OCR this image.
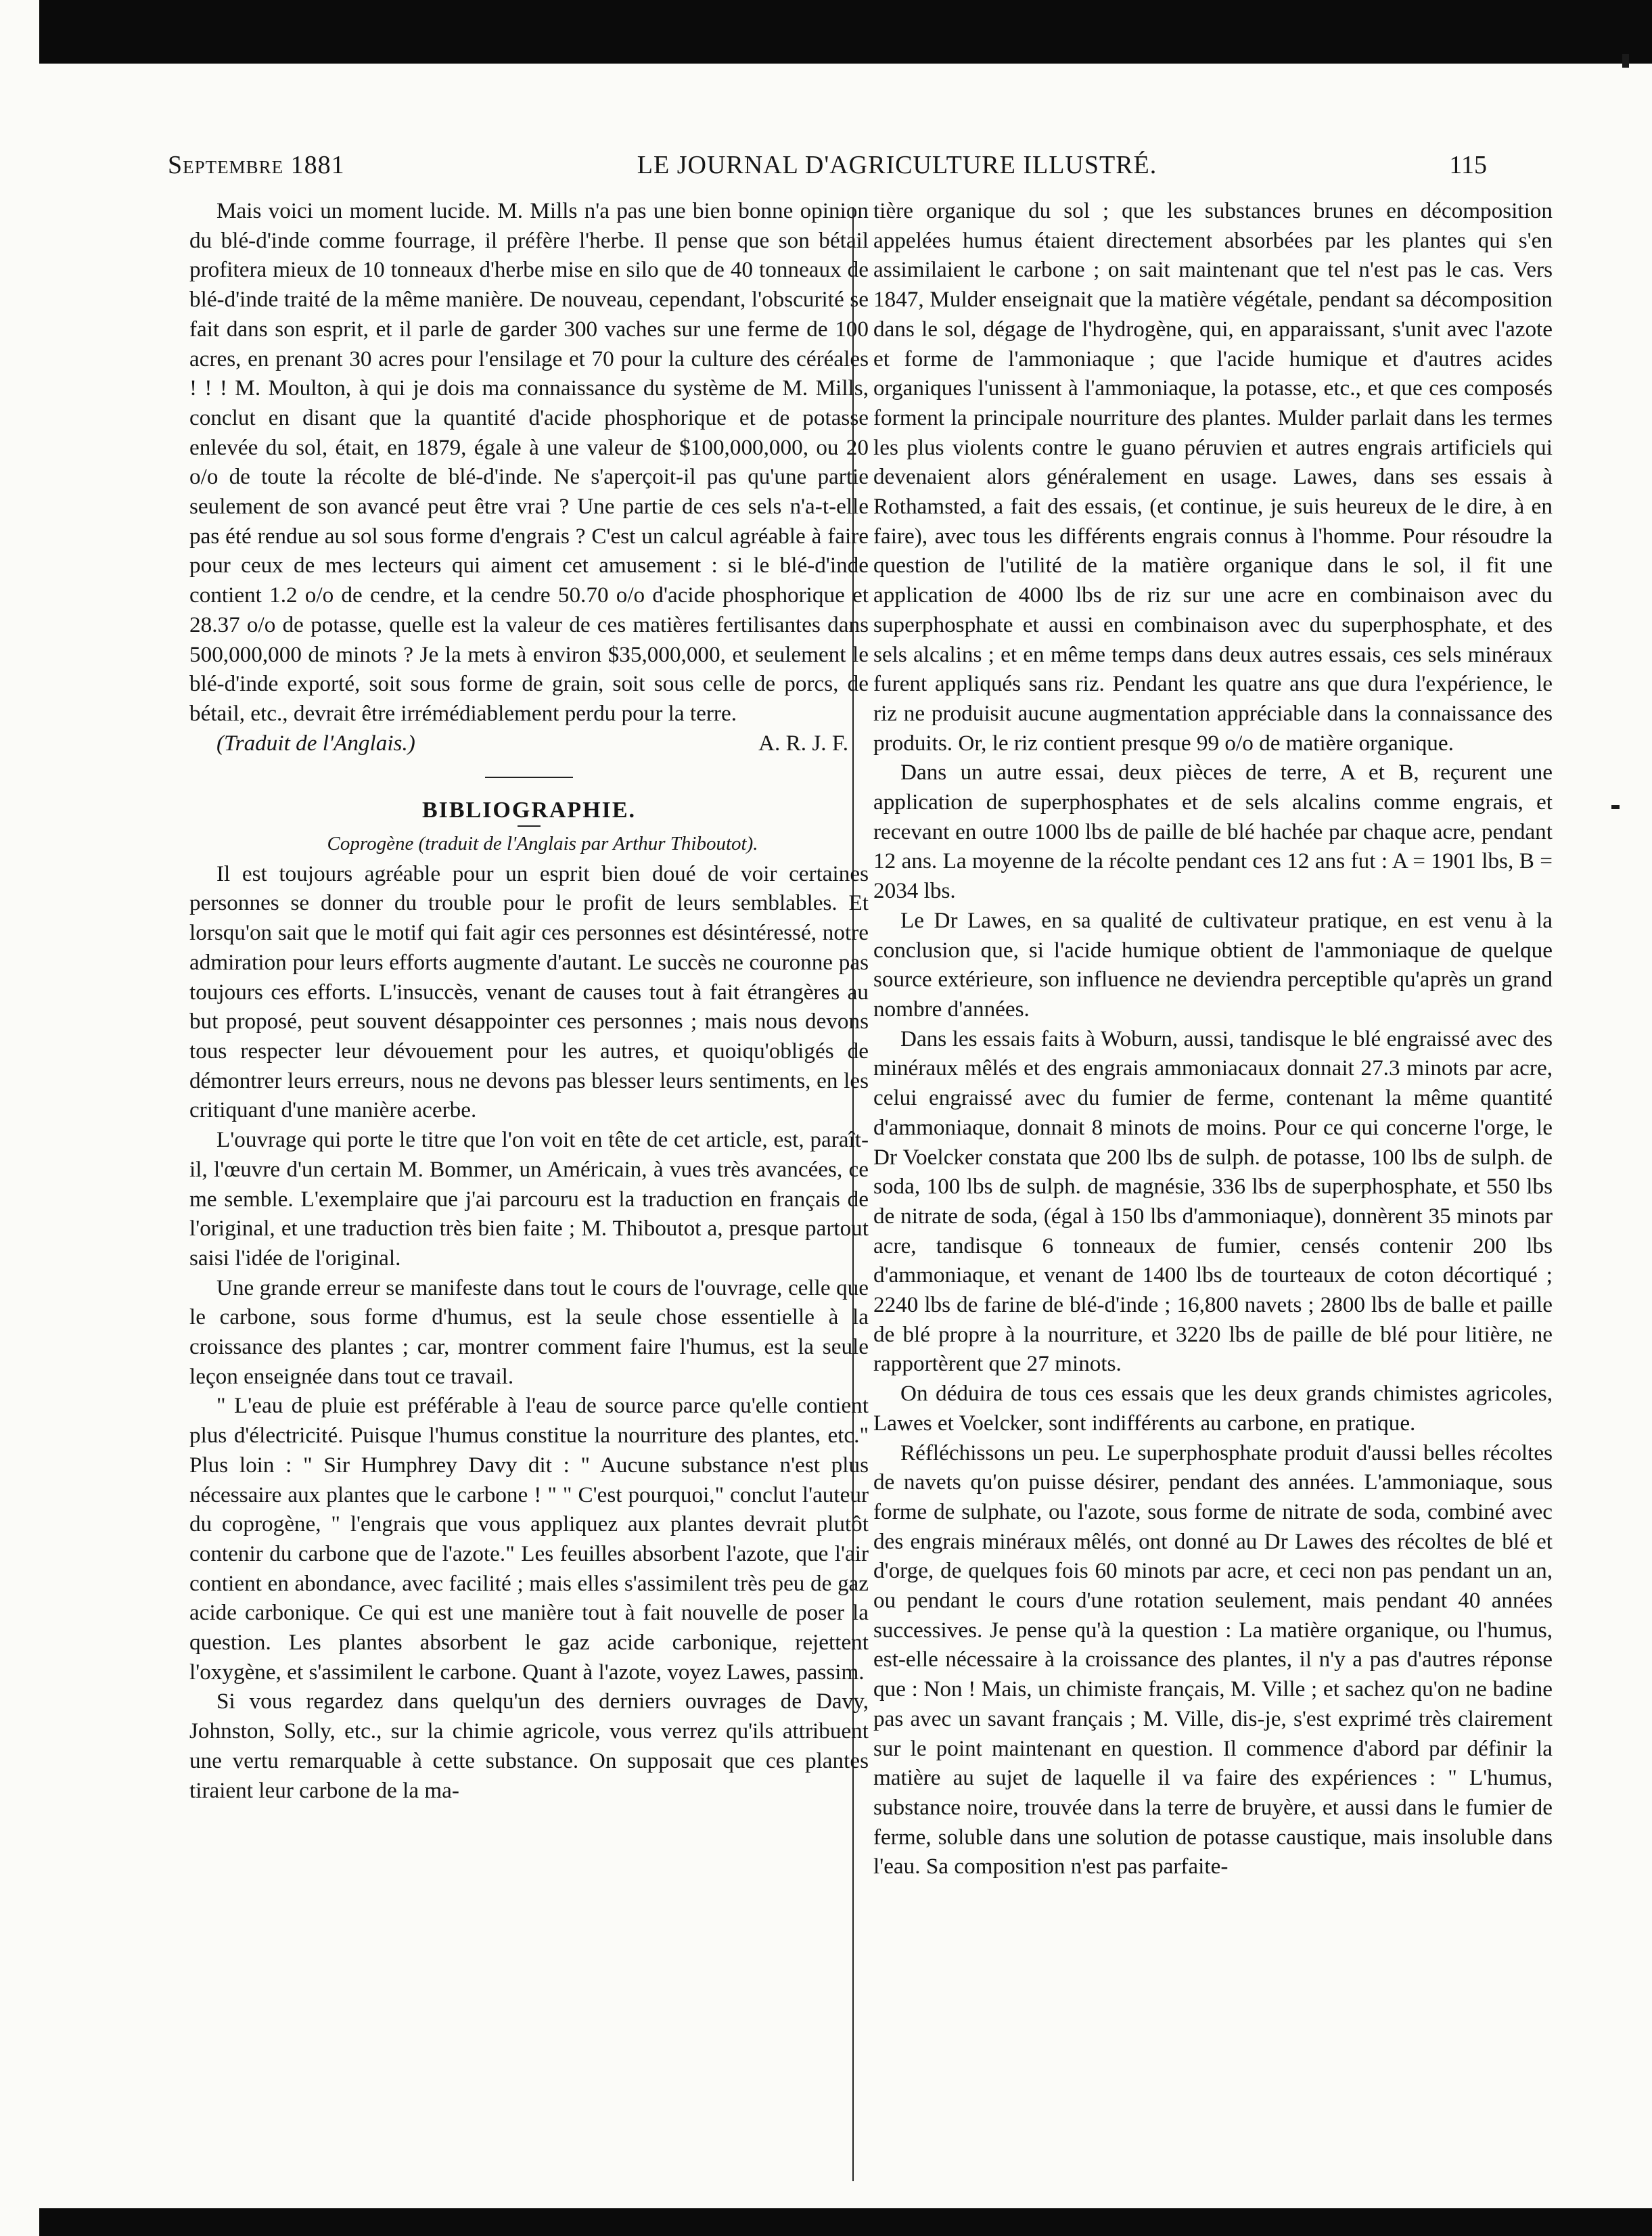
Septembre 1881	LE JOURNAL D'AGRICULTURE ILLUSTRÉ.	115

Mais voici un moment lucide. M. Mills n'a pas une bien bonne opinion du blé-d'inde comme fourrage, il préfère l'herbe. Il pense que son bétail profitera mieux de 10 tonneaux d'herbe mise en silo que de 40 tonneaux de blé-d'inde traité de la même manière. De nouveau, cependant, l'obscurité se fait dans son esprit, et il parle de garder 300 vaches sur une ferme de 100 acres, en prenant 30 acres pour l'ensilage et 70 pour la culture des céréales ! ! ! M. Moulton, à qui je dois ma connaissance du système de M. Mills, conclut en disant que la quantité d'acide phosphorique et de potasse enlevée du sol, était, en 1879, égale à une valeur de $100,000,000, ou 20 o/o de toute la récolte de blé-d'inde. Ne s'aperçoit-il pas qu'une partie seulement de son avancé peut être vrai ? Une partie de ces sels n'a-t-elle pas été rendue au sol sous forme d'engrais ? C'est un calcul agréable à faire pour ceux de mes lecteurs qui aiment cet amusement : si le blé-d'inde contient 1.2 o/o de cendre, et la cendre 50.70 o/o d'acide phosphorique et 28.37 o/o de potasse, quelle est la valeur de ces matières fertilisantes dans 500,000,000 de minots ? Je la mets à environ $35,000,000, et seulement le blé-d'inde exporté, soit sous forme de grain, soit sous celle de porcs, de bétail, etc., devrait être irrémédiablement perdu pour la terre.

(Traduit de l'Anglais.)	A. R. J. F.

BIBLIOGRAPHIE.

Coprogène (traduit de l'Anglais par Arthur Thiboutot).

Il est toujours agréable pour un esprit bien doué de voir certaines personnes se donner du trouble pour le profit de leurs semblables. Et lorsqu'on sait que le motif qui fait agir ces personnes est désintéressé, notre admiration pour leurs efforts augmente d'autant. Le succès ne couronne pas toujours ces efforts. L'insuccès, venant de causes tout à fait étrangères au but proposé, peut souvent désappointer ces personnes ; mais nous devons tous respecter leur dévouement pour les autres, et quoiqu'obligés de démontrer leurs erreurs, nous ne devons pas blesser leurs sentiments, en les critiquant d'une manière acerbe.

L'ouvrage qui porte le titre que l'on voit en tête de cet article, est, paraît-il, l'œuvre d'un certain M. Bommer, un Américain, à vues très avancées, ce me semble. L'exemplaire que j'ai parcouru est la traduction en français de l'original, et une traduction très bien faite ; M. Thiboutot a, presque partout saisi l'idée de l'original.

Une grande erreur se manifeste dans tout le cours de l'ouvrage, celle que le carbone, sous forme d'humus, est la seule chose essentielle à la croissance des plantes ; car, montrer comment faire l'humus, est la seule leçon enseignée dans tout ce travail.

" L'eau de pluie est préférable à l'eau de source parce qu'elle contient plus d'électricité. Puisque l'humus constitue la nourriture des plantes, etc." Plus loin : " Sir Humphrey Davy dit : " Aucune substance n'est plus nécessaire aux plantes que le carbone ! " " C'est pourquoi," conclut l'auteur du coprogène, " l'engrais que vous appliquez aux plantes devrait plutôt contenir du carbone que de l'azote." Les feuilles absorbent l'azote, que l'air contient en abondance, avec facilité ; mais elles s'assimilent très peu de gaz acide carbonique. Ce qui est une manière tout à fait nouvelle de poser la question. Les plantes absorbent le gaz acide carbonique, rejettent l'oxygène, et s'assimilent le carbone. Quant à l'azote, voyez Lawes, passim.

Si vous regardez dans quelqu'un des derniers ouvrages de Davy, Johnston, Solly, etc., sur la chimie agricole, vous verrez qu'ils attribuent une vertu remarquable à cette substance. On supposait que ces plantes tiraient leur carbone de la ma-

tière organique du sol ; que les substances brunes en décomposition appelées humus étaient directement absorbées par les plantes qui s'en assimilaient le carbone ; on sait maintenant que tel n'est pas le cas. Vers 1847, Mulder enseignait que la matière végétale, pendant sa décomposition dans le sol, dégage de l'hydrogène, qui, en apparaissant, s'unit avec l'azote et forme de l'ammoniaque ; que l'acide humique et d'autres acides organiques l'unissent à l'ammoniaque, la potasse, etc., et que ces composés forment la principale nourriture des plantes. Mulder parlait dans les termes les plus violents contre le guano péruvien et autres engrais artificiels qui devenaient alors généralement en usage. Lawes, dans ses essais à Rothamsted, a fait des essais, (et continue, je suis heureux de le dire, à en faire), avec tous les différents engrais connus à l'homme. Pour résoudre la question de l'utilité de la matière organique dans le sol, il fit une application de 4000 lbs de riz sur une acre en combinaison avec du superphosphate et aussi en combinaison avec du superphosphate, et des sels alcalins ; et en même temps dans deux autres essais, ces sels minéraux furent appliqués sans riz. Pendant les quatre ans que dura l'expérience, le riz ne produisit aucune augmentation appréciable dans la connaissance des produits. Or, le riz contient presque 99 o/o de matière organique.

Dans un autre essai, deux pièces de terre, A et B, reçurent une application de superphosphates et de sels alcalins comme engrais, et recevant en outre 1000 lbs de paille de blé hachée par chaque acre, pendant 12 ans. La moyenne de la récolte pendant ces 12 ans fut : A = 1901 lbs, B = 2034 lbs.

Le Dr Lawes, en sa qualité de cultivateur pratique, en est venu à la conclusion que, si l'acide humique obtient de l'ammoniaque de quelque source extérieure, son influence ne deviendra perceptible qu'après un grand nombre d'années.

Dans les essais faits à Woburn, aussi, tandisque le blé engraissé avec des minéraux mêlés et des engrais ammoniacaux donnait 27.3 minots par acre, celui engraissé avec du fumier de ferme, contenant la même quantité d'ammoniaque, donnait 8 minots de moins. Pour ce qui concerne l'orge, le Dr Voelcker constata que 200 lbs de sulph. de potasse, 100 lbs de sulph. de soda, 100 lbs de sulph. de magnésie, 336 lbs de superphosphate, et 550 lbs de nitrate de soda, (égal à 150 lbs d'ammoniaque), donnèrent 35 minots par acre, tandisque 6 tonneaux de fumier, censés contenir 200 lbs d'ammoniaque, et venant de 1400 lbs de tourteaux de coton décortiqué ; 2240 lbs de farine de blé-d'inde ; 16,800 navets ; 2800 lbs de balle et paille de blé propre à la nourriture, et 3220 lbs de paille de blé pour litière, ne rapportèrent que 27 minots.

On déduira de tous ces essais que les deux grands chimistes agricoles, Lawes et Voelcker, sont indifférents au carbone, en pratique.

Réfléchissons un peu. Le superphosphate produit d'aussi belles récoltes de navets qu'on puisse désirer, pendant des années. L'ammoniaque, sous forme de sulphate, ou l'azote, sous forme de nitrate de soda, combiné avec des engrais minéraux mêlés, ont donné au Dr Lawes des récoltes de blé et d'orge, de quelques fois 60 minots par acre, et ceci non pas pendant un an, ou pendant le cours d'une rotation seulement, mais pendant 40 années successives. Je pense qu'à la question : La matière organique, ou l'humus, est-elle nécessaire à la croissance des plantes, il n'y a pas d'autres réponse que : Non ! Mais, un chimiste français, M. Ville ; et sachez qu'on ne badine pas avec un savant français ; M. Ville, dis-je, s'est exprimé très clairement sur le point maintenant en question. Il commence d'abord par définir la matière au sujet de laquelle il va faire des expériences : " L'humus, substance noire, trouvée dans la terre de bruyère, et aussi dans le fumier de ferme, soluble dans une solution de potasse caustique, mais insoluble dans l'eau. Sa composition n'est pas parfaite-
